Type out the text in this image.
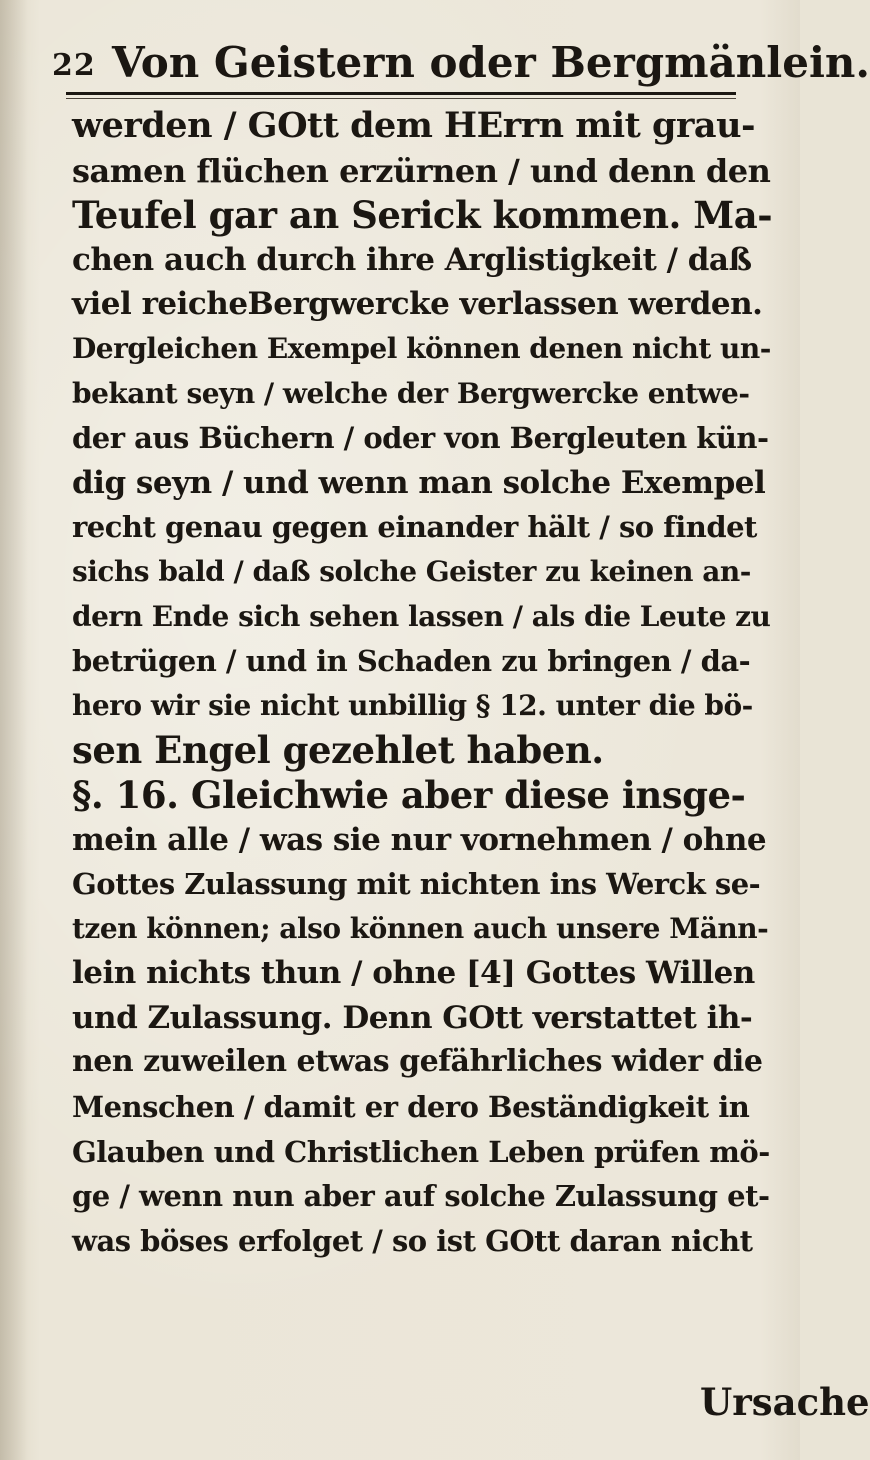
22 Von Geistern oder Bergmänlein.
werden / GOtt dem HErrn mit grau-
samen flüchen erzürnen / und denn den
Teufel gar an Serick kommen. Ma-
chen auch durch ihre Arglistigkeit / daß
viel reicheBergwercke verlassen werden.
Dergleichen Exempel können denen nicht un-
bekant seyn / welche der Bergwercke entwe-
der aus Büchern / oder von Bergleuten kün-
dig seyn / und wenn man solche Exempel
recht genau gegen einander hält / so findet
sichs bald / daß solche Geister zu keinen an-
dern Ende sich sehen lassen / als die Leute zu
betrügen / und in Schaden zu bringen / da-
hero wir sie nicht unbillig § 12. unter die bö-
sen Engel gezehlet haben.
§. 16. Gleichwie aber diese insge-
mein alle / was sie nur vornehmen / ohne
Gottes Zulassung mit nichten ins Werck se-
tzen können; also können auch unsere Männ-
lein nichts thun / ohne [4] Gottes Willen
und Zulassung. Denn GOtt verstattet ih-
nen zuweilen etwas gefährliches wider die
Menschen / damit er dero Beständigkeit in
Glauben und Christlichen Leben prüfen mö-
ge / wenn nun aber auf solche Zulassung et-
was böses erfolget / so ist GOtt daran nicht
Ursache
